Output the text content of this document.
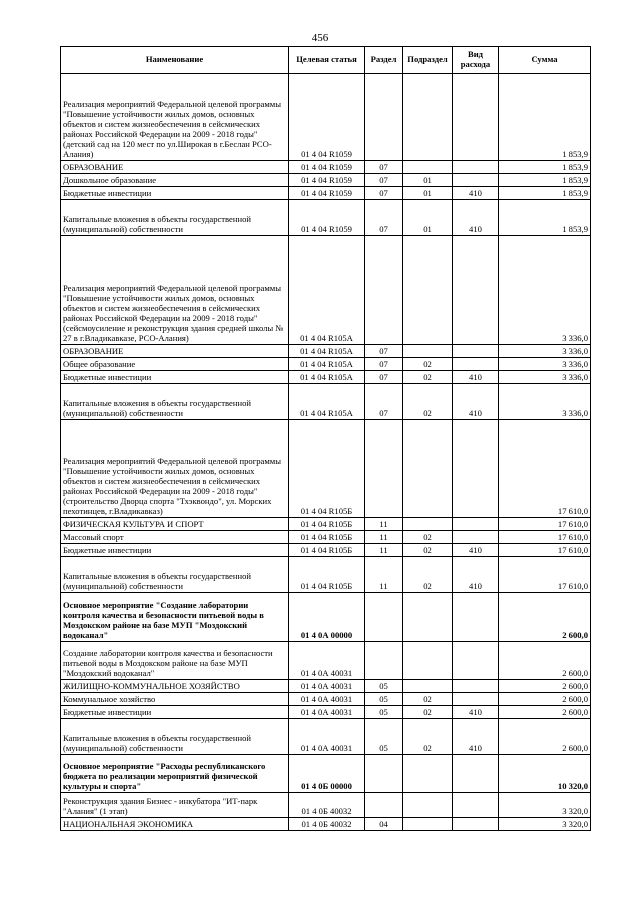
456
Наименование	Целевая статья	Раздел	Подраздел	Вид расхода	Сумма
Реализация мероприятий Федеральной целевой программы "Повышение устойчивости жилых домов, основных объектов и систем жизнеобеспечения в сейсмических районах Российской Федерации на 2009 - 2018 годы" (детский сад на 120 мест по ул.Широкая в г.Беслан РСО-Алания)	01 4 04 R1059				1 853,9
ОБРАЗОВАНИЕ	01 4 04 R1059	07			1 853,9
Дошкольное образование	01 4 04 R1059	07	01		1 853,9
Бюджетные инвестиции	01 4 04 R1059	07	01	410	1 853,9
Капитальные вложения в объекты государственной (муниципальной) собственности	01 4 04 R1059	07	01	410	1 853,9
Реализация мероприятий Федеральной целевой программы "Повышение устойчивости жилых домов, основных объектов и систем жизнеобеспечения в сейсмических районах Российской Федерации на 2009 - 2018 годы" (сейсмоусиление и реконструкция здания средней школы № 27 в г.Владикавказе, РСО-Алания)	01 4 04 R105А				3 336,0
ОБРАЗОВАНИЕ	01 4 04 R105А	07			3 336,0
Общее образование	01 4 04 R105А	07	02		3 336,0
Бюджетные инвестиции	01 4 04 R105А	07	02	410	3 336,0
Капитальные вложения в объекты государственной (муниципальной) собственности	01 4 04 R105А	07	02	410	3 336,0
Реализация мероприятий Федеральной целевой программы "Повышение устойчивости жилых домов, основных объектов и систем жизнеобеспечения в сейсмических районах Российской Федерации на 2009 - 2018 годы" (строительство Дворца спорта "Тхэквондо", ул. Морских пехотинцев, г.Владикавказ)	01 4 04 R105Б				17 610,0
ФИЗИЧЕСКАЯ КУЛЬТУРА И СПОРТ	01 4 04 R105Б	11			17 610,0
Массовый спорт	01 4 04 R105Б	11	02		17 610,0
Бюджетные инвестиции	01 4 04 R105Б	11	02	410	17 610,0
Капитальные вложения в объекты государственной (муниципальной) собственности	01 4 04 R105Б	11	02	410	17 610,0
Основное мероприятие "Создание лаборатории контроля качества и безопасности питьевой воды в Моздокском районе на базе МУП "Моздокский водоканал"	01 4 0А 00000				2 600,0
Создание лаборатории контроля качества и безопасности питьевой воды в Моздокском районе на базе МУП "Моздокский водоканал"	01 4 0А 40031				2 600,0
ЖИЛИЩНО-КОММУНАЛЬНОЕ ХОЗЯЙСТВО	01 4 0А 40031	05			2 600,0
Коммунальное хозяйство	01 4 0А 40031	05	02		2 600,0
Бюджетные инвестиции	01 4 0А 40031	05	02	410	2 600,0
Капитальные вложения в объекты государственной (муниципальной) собственности	01 4 0А 40031	05	02	410	2 600,0
Основное мероприятие "Расходы республиканского бюджета по реализации мероприятий физической культуры и спорта"	01 4 0Б 00000				10 320,0
Реконструкция здания Бизнес - инкубатора "ИТ-парк "Алания" (1 этап)	01 4 0Б 40032				3 320,0
НАЦИОНАЛЬНАЯ ЭКОНОМИКА	01 4 0Б 40032	04			3 320,0
